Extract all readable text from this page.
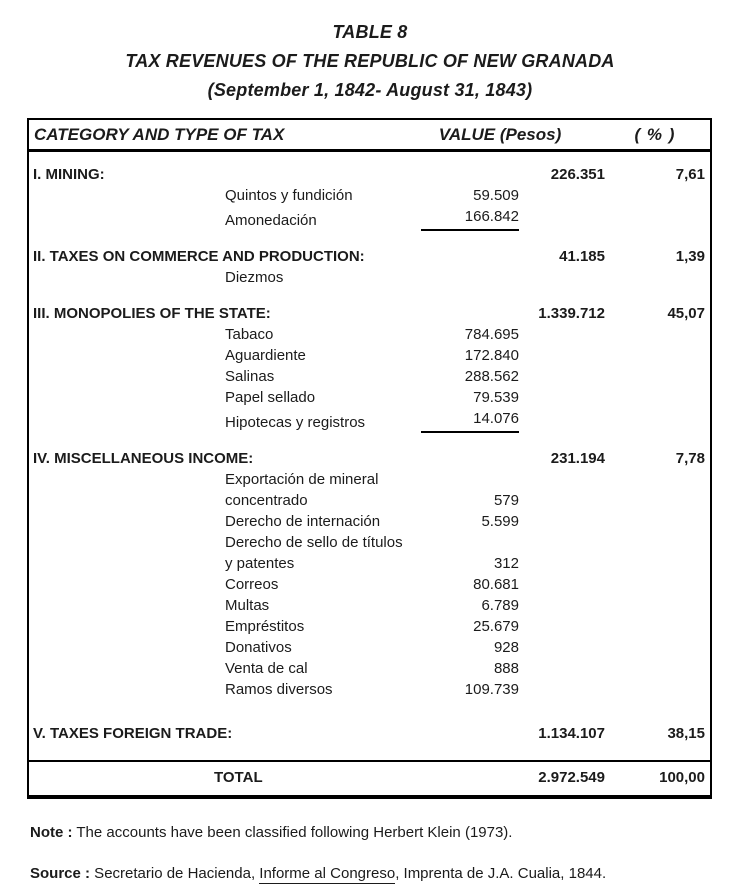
TABLE 8
TAX REVENUES OF THE REPUBLIC OF NEW GRANADA
(September 1, 1842- August 31, 1843)
CATEGORY AND TYPE OF TAX	VALUE (Pesos)	( % )
I. MINING:	226.351	7,61
Quintos y fundición	59.509
Amonedación	166.842
II. TAXES ON COMMERCE AND PRODUCTION:	41.185	1,39
Diezmos
III. MONOPOLIES OF THE STATE:	1.339.712	45,07
Tabaco	784.695
Aguardiente	172.840
Salinas	288.562
Papel sellado	79.539
Hipotecas y registros	14.076
IV. MISCELLANEOUS INCOME:	231.194	7,78
Exportación de mineral concentrado	579
Derecho de internación	5.599
Derecho de sello de títulos y patentes	312
Correos	80.681
Multas	6.789
Empréstitos	25.679
Donativos	928
Venta de cal	888
Ramos diversos	109.739
V. TAXES FOREIGN TRADE:	1.134.107	38,15
TOTAL	2.972.549	100,00
Note : The accounts have been classified following Herbert Klein (1973).
Source : Secretario de Hacienda, Informe al Congreso, Imprenta de J.A. Cualia, 1844.
